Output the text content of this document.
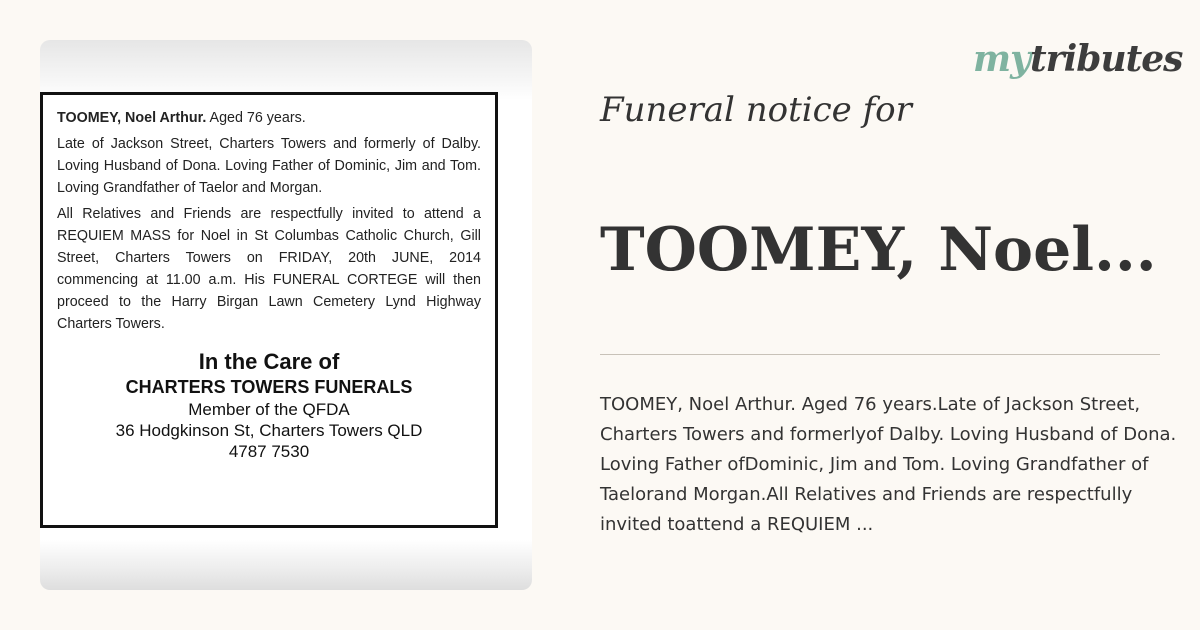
TOOMEY, Noel Arthur. Aged 76 years.

Late of Jackson Street, Charters Towers and formerly of Dalby. Loving Husband of Dona. Loving Father of Dominic, Jim and Tom. Loving Grandfather of Taelor and Morgan.

All Relatives and Friends are respectfully invited to attend a REQUIEM MASS for Noel in St Columbas Catholic Church, Gill Street, Charters Towers on FRIDAY, 20th JUNE, 2014 commencing at 11.00 a.m. His FUNERAL CORTEGE will then proceed to the Harry Birgan Lawn Cemetery Lynd Highway Charters Towers.

In the Care of
CHARTERS TOWERS FUNERALS
Member of the QFDA
36 Hodgkinson St, Charters Towers QLD
4787 7530
mytributes
Funeral notice for
TOOMEY, Noel...
TOOMEY, Noel Arthur. Aged 76 years.Late of Jackson Street, Charters Towers and formerlyof Dalby. Loving Husband of Dona. Loving Father ofDominic, Jim and Tom. Loving Grandfather of Taelorand Morgan.All Relatives and Friends are respectfully invited toattend a REQUIEM ...
